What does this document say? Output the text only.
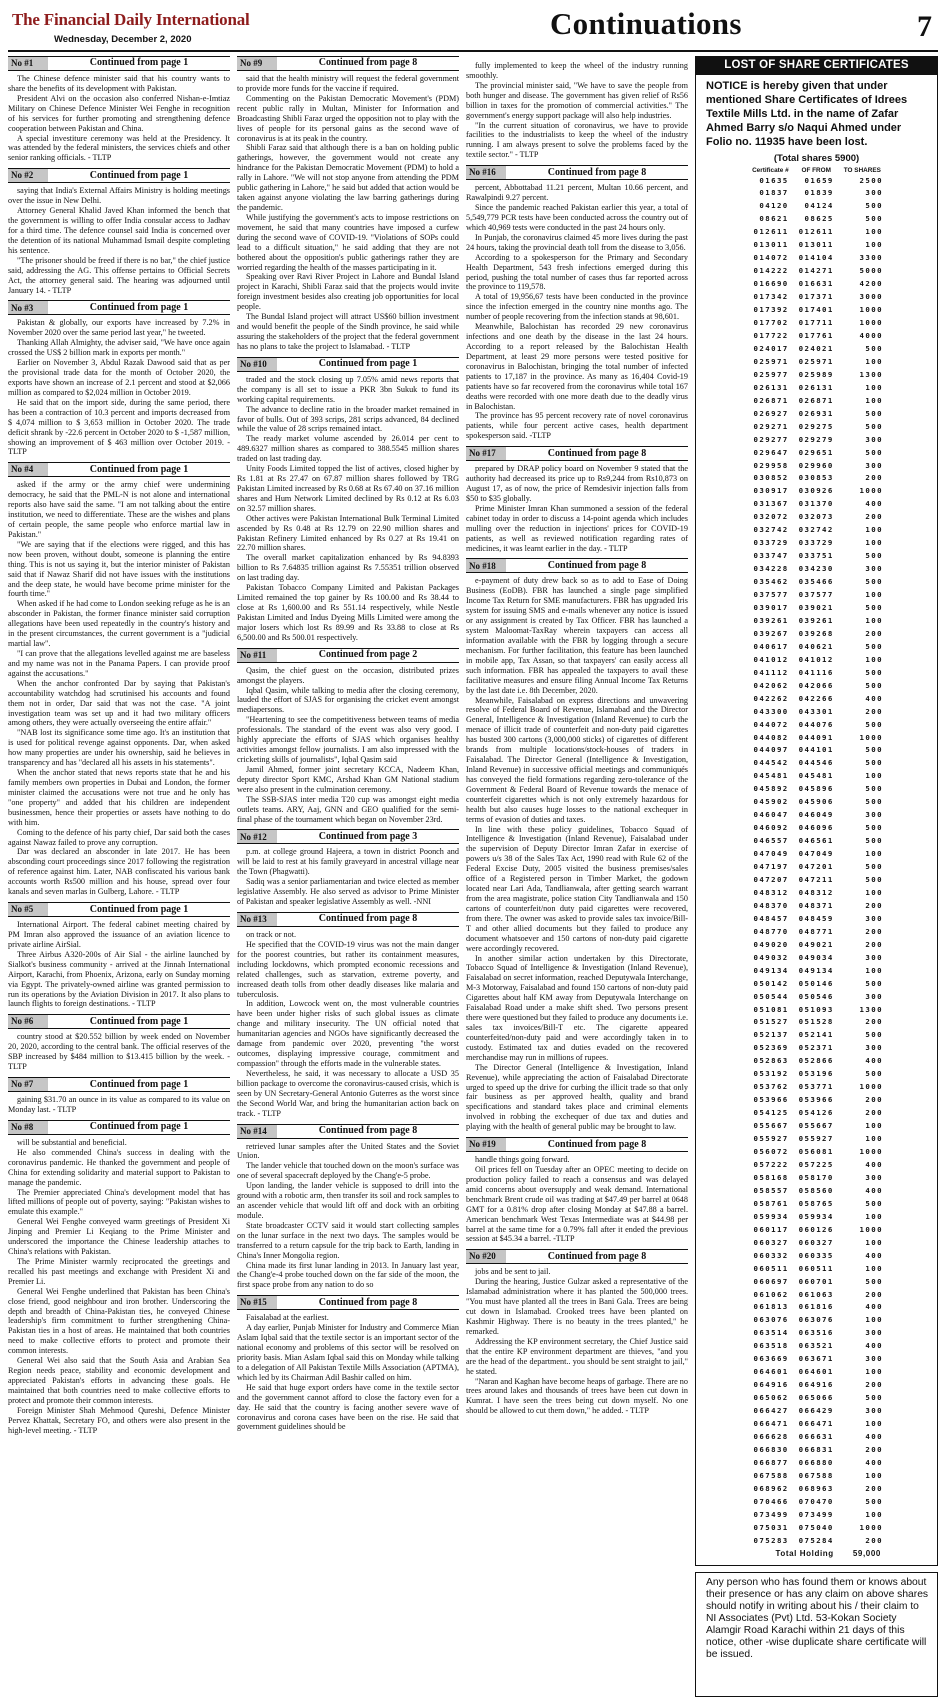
The Financial Daily International
Wednesday, December 2, 2020	Continuations	7
No #1	Continued from page 1

The Chinese defence minister said that his country wants to share the benefits of its development with Pakistan.

President Alvi on the occasion also conferred Nishan-e-Imtiaz Military on Chinese Defence Minister Wei Fenghe in recognition of his services for further promoting and strengthening defence cooperation between Pakistan and China.

A special investiture ceremony was held at the Presidency. It was attended by the federal ministers, the services chiefs and other senior ranking officials. - TLTP

No #2	Continued from page 1

saying that India's External Affairs Ministry is holding meetings over the issue in New Delhi.

Attorney General Khalid Javed Khan informed the bench that the government is willing to offer India consular access to Jadhav for a third time. The defence counsel said India is concerned over the detention of its national Muhammad Ismail despite completing his sentence.

"The prisoner should be freed if there is no bar," the chief justice said, addressing the AG. This offense pertains to Official Secrets Act, the attorney general said. The hearing was adjourned until January 14. - TLTP

No #3	Continued from page 1

Pakistan & globally, our exports have increased by 7.2% in November 2020 over the same period last year," he tweeted.

Thanking Allah Almighty, the adviser said, "We have once again crossed the US$ 2 billion mark in exports per month."

Earlier on November 3, Abdul Razak Dawood said that as per the provisional trade data for the month of October 2020, the exports have shown an increase of 2.1 percent and stood at $2,066 million as compared to $2,024 million in October 2019.

He said that on the import side, during the same period, there has been a contraction of 10.3 percent and imports decreased from $ 4,074 million to $ 3,653 million in October 2020. The trade deficit shrank by -22.6 percent in October 2020 to $ -1,587 million, showing an improvement of $ 463 million over October 2019. - TLTP

No #4	Continued from page 1

asked if the army or the army chief were undermining democracy, he said that the PML-N is not alone and international reports also have said the same. "I am not talking about the entire institution, we need to differentiate. These are the wishes and plans of certain people, the same people who enforce martial law in Pakistan."

"We are saying that if the elections were rigged, and this has now been proven, without doubt, someone is planning the entire thing. This is not us saying it, but the interior minister of Pakistan said that if Nawaz Sharif did not have issues with the institutions and the deep state, he would have become prime minister for the fourth time."

When asked if he had come to London seeking refuge as he is an absconder in Pakistan, the former finance minister said corruption allegations have been used repeatedly in the country's history and in the present circumstances, the current government is a "judicial martial law".

"I can prove that the allegations levelled against me are baseless and my name was not in the Panama Papers. I can provide proof against the accusations."

When the anchor confronted Dar by saying that Pakistan's accountability watchdog had scrutinised his accounts and found them not in order, Dar said that was not the case. "A joint investigation team was set up and it had two military officers among others, they were actually overseeing the entire affair."

"NAB lost its significance some time ago. It's an institution that is used for political revenge against opponents. Dar, when asked how many properties are under his ownership, said he believes in transparency and has "declared all his assets in his statements".

When the anchor stated that news reports state that he and his family members own properties in Dubai and London, the former minister claimed the accusations were not true and he only has "one property" and added that his children are independent businessmen, hence their properties or assets have nothing to do with him.

Coming to the defence of his party chief, Dar said both the cases against Nawaz failed to prove any corruption.

Dar was declared an absconder in late 2017. He has been absconding court proceedings since 2017 following the registration of reference against him. Later, NAB confiscated his various bank accounts worth Rs500 million and his house, spread over four kanals and seven marlas in Gulberg, Lahore. - TLTP

No #5	Continued from page 1

International Airport. The federal cabinet meeting chaired by PM Imran also approved the issuance of an aviation licence to private airline AirSial.

Three Airbus A320-200s of Air Sial - the airline launched by Sialkot's business community - arrived at the Jinnah International Airport, Karachi, from Phoenix, Arizona, early on Sunday morning via Egypt. The privately-owned airline was granted permission to run its operations by the Aviation Division in 2017. It also plans to launch flights to foreign destinations. - TLTP

No #6	Continued from page 1

country stood at $20.552 billion by week ended on November 20, 2020, according to the central bank. The official reserves of the SBP increased by $484 million to $13.415 billion by the week. - TLTP

No #7	Continued from page 1

gaining $31.70 an ounce in its value as compared to its value on Monday last. - TLTP

No #8	Continued from page 1

will be substantial and beneficial.

He also commended China's success in dealing with the coronavirus pandemic. He thanked the government and people of China for extending solidarity and material support to Pakistan to manage the pandemic.

The Premier appreciated China's development model that has lifted millions of people out of poverty, saying: "Pakistan wishes to emulate this example."

General Wei Fenghe conveyed warm greetings of President Xi Jinping and Premier Li Keqiang to the Prime Minister and underscored the importance the Chinese leadership attaches to China's relations with Pakistan.

The Prime Minister warmly reciprocated the greetings and recalled his past meetings and exchange with President Xi and Premier Li.

General Wei Fenghe underlined that Pakistan has been China's close friend, good neighbour and iron brother. Underscoring the depth and breadth of China-Pakistan ties, he conveyed Chinese leadership's firm commitment to further strengthening China-Pakistan ties in a host of areas. He maintained that both countries need to make collective efforts to protect and promote their common interests.

General Wei also said that the South Asia and Arabian Sea Region needs peace, stability and economic development and appreciated Pakistan's efforts in advancing these goals. He maintained that both countries need to make collective efforts to protect and promote their common interests.

Foreign Minister Shah Mehmood Qureshi, Defence Minister Pervez Khattak, Secretary FO, and others were also present in the high-level meeting. - TLTP

No #9	Continued from page 8

said that the health ministry will request the federal government to provide more funds for the vaccine if required.

Commenting on the Pakistan Democratic Movement's (PDM) recent public rally in Multan, Minister for Information and Broadcasting Shibli Faraz urged the opposition not to play with the lives of people for its personal gains as the second wave of coronavirus is at its peak in the country.

Shibli Faraz said that although there is a ban on holding public gatherings, however, the government would not create any hindrance for the Pakistan Democratic Movement (PDM) to hold a rally in Lahore. "We will not stop anyone from attending the PDM public gathering in Lahore," he said but added that action would be taken against anyone violating the law barring gatherings during the pandemic.

While justifying the government's acts to impose restrictions on movement, he said that many countries have imposed a curfew during the second wave of COVID-19. "Violations of SOPs could lead to a difficult situation," he said adding that they are not bothered about the opposition's public gatherings rather they are worried regarding the health of the masses participating in it.

Speaking over Ravi River Project in Lahore and Bundal Island project in Karachi, Shibli Faraz said that the projects would invite foreign investment besides also creating job opportunities for local people.

The Bundal Island project will attract US$60 billion investment and would benefit the people of the Sindh province, he said while assuring the stakeholders of the project that the federal government has no plans to take the project to Islamabad. - TLTP

No #10	Continued from page 1

traded and the stock closing up 7.05% amid news reports that the company is all set to issue a PKR 3bn Sukuk to fund its working capital requirements.

The advance to decline ratio in the broader market remained in favor of bulls. Out of 393 scrips, 281 scrips advanced, 84 declined while the value of 28 scrips remained intact.

The ready market volume ascended by 26.014 per cent to 489.6327 million shares as compared to 388.5545 million shares traded on last trading day.

Unity Foods Limited topped the list of actives, closed higher by Rs 1.81 at Rs 27.47 on 67.87 million shares followed by TRG Pakistan Limited increased by Rs 0.68 at Rs 67.40 on 37.16 million shares and Hum Network Limited declined by Rs 0.12 at Rs 6.03 on 32.57 million shares.

Other actives were Pakistan International Bulk Terminal Limited ascended by Rs 0.48 at Rs 12.79 on 22.90 million shares and Pakistan Refinery Limited enhanced by Rs 0.27 at Rs 19.41 on 22.70 million shares.

The overall market capitalization enhanced by Rs 94.8393 billion to Rs 7.64835 trillion against Rs 7.55351 trillion observed on last trading day.

Pakistan Tobacco Company Limited and Pakistan Packages Limited remained the top gainer by Rs 100.00 and Rs 38.44 to close at Rs 1,600.00 and Rs 551.14 respectively, while Nestle Pakistan Limited and Indus Dyeing Mills Limited were among the major losers which lost Rs 89.99 and Rs 33.88 to close at Rs 6,500.00 and Rs 500.01 respectively.

No #11	Continued from page 2

Qasim, the chief guest on the occasion, distributed prizes amongst the players.

Iqbal Qasim, while talking to media after the closing ceremony, lauded the effort of SJAS for organising the cricket event amongst mediapersons.

"Heartening to see the competitiveness between teams of media professionals. The standard of the event was also very good. I highly appreciate the efforts of SJAS which organises healthy activities amongst fellow journalists. I am also impressed with the cricketing skills of journalists", Iqbal Qasim said

Jamil Ahmed, former joint secretary KCCA, Nadeem Khan, deputy director Sport KMC, Arshad Khan GM National stadium were also present in the culmination ceremony.

The SSB-SJAS inter media T20 cup was amongst eight media outlets teams. ARY, Aaj, GNN and GEO qualified for the semi-final phase of the tournament which began on November 23rd.

No #12	Continued from page 3

p.m. at college ground Hajeera, a town in district Poonch and will be laid to rest at his family graveyard in ancestral village near the Town (Phagwatti).

Sadiq was a senior parliamentarian and twice elected as member legislative Assembly. He also served as advisor to Prime Minister of Pakistan and speaker legislative Assembly as well. -NNI

No #13	Continued from page 8

on track or not.

He specified that the COVID-19 virus was not the main danger for the poorest countries, but rather its containment measures, including lockdowns, which prompted economic recessions and related challenges, such as starvation, extreme poverty, and increased death tolls from other deadly diseases like malaria and tuberculosis.

In addition, Lowcock went on, the most vulnerable countries have been under higher risks of such global issues as climate change and military insecurity. The UN official noted that humanitarian agencies and NGOs have significantly decreased the damage from pandemic over 2020, preventing "the worst outcomes, displaying impressive courage, commitment and compassion" through the efforts made in the vulnerable states.

Nevertheless, he said, it was necessary to allocate a USD 35 billion package to overcome the coronavirus-caused crisis, which is seen by UN Secretary-General Antonio Guterres as the worst since the Second World War, and bring the humanitarian action back on track. - TLTP

No #14	Continued from page 8

retrieved lunar samples after the United States and the Soviet Union.

The lander vehicle that touched down on the moon's surface was one of several spacecraft deployed by the Chang'e-5 probe.

Upon landing, the lander vehicle is supposed to drill into the ground with a robotic arm, then transfer its soil and rock samples to an ascender vehicle that would lift off and dock with an orbiting module.

State broadcaster CCTV said it would start collecting samples on the lunar surface in the next two days. The samples would be transferred to a return capsule for the trip back to Earth, landing in China's Inner Mongolia region.

China made its first lunar landing in 2013. In January last year, the Chang'e-4 probe touched down on the far side of the moon, the first space probe from any nation to do so

No #15	Continued from page 8

Faisalabad at the earliest.

A day earlier, Punjab Minister for Industry and Commerce Mian Aslam Iqbal said that the textile sector is an important sector of the national economy and problems of this sector will be resolved on priority basis. Mian Aslam Iqbal said this on Monday while talking to a delegation of All Pakistan Textile Mills Association (APTMA), which led by its Chairman Adil Bashir called on him.

He said that huge export orders have come in the textile sector and the government cannot afford to close the factory even for a day. He said that the country is facing another severe wave of coronavirus and corona cases have been on the rise. He said that government guidelines should be

fully implemented to keep the wheel of the industry running smoothly.

The provincial minister said, "We have to save the people from both hunger and disease. The government has given relief of Rs56 billion in taxes for the promotion of commercial activities." The government's energy support package will also help industries.

"In the current situation of coronavirus, we have to provide facilities to the industrialists to keep the wheel of the industry running. I am always present to solve the problems faced by the textile sector." - TLTP

No #16	Continued from page 8

percent, Abbottabad 11.21 percent, Multan 10.66 percent, and Rawalpindi 9.27 percent.

Since the pandemic reached Pakistan earlier this year, a total of 5,549,779 PCR tests have been conducted across the country out of which 40,969 tests were conducted in the past 24 hours only.

In Punjab, the coronavirus claimed 45 more lives during the past 24 hours, taking the provincial death toll from the disease to 3,056.

According to a spokesperson for the Primary and Secondary Health Department, 543 fresh infections emerged during this period, pushing the total number of cases thus far reported across the province to 119,578.

A total of 19,956,67 tests have been conducted in the province since the infection emerged in the country nine months ago. The number of people recovering from the infection stands at 98,601.

Meanwhile, Balochistan has recorded 29 new coronavirus infections and one death by the disease in the last 24 hours. According to a report released by the Balochistan Health Department, at least 29 more persons were tested positive for coronavirus in Balochistan, bringing the total number of infected patients to 17,187 in the province. As many as 16,404 Covid-19 patients have so far recovered from the coronavirus while total 167 deaths were recorded with one more death due to the deadly virus in Balochistan.

The province has 95 percent recovery rate of novel coronavirus patients, while four percent active cases, health department spokesperson said. -TLTP

No #17	Continued from page 8

prepared by DRAP policy board on November 9 stated that the authority had decreased its price up to Rs9,244 from Rs10,873 on August 17, as of now, the price of Remdesivir injection falls from $50 to $35 globally.

Prime Minister Imran Khan summoned a session of the federal cabinet today in order to discuss a 14-point agenda which includes mulling over the reduction in injections' prices for COVID-19 patients, as well as reviewed notification regarding rates of medicines, it was learnt earlier in the day. - TLTP

No #18	Continued from page 8

e-payment of duty drew back so as to add to Ease of Doing Business (EoDB). FBR has launched a single page simplified Income Tax Return for SME manufacturers. FBR has upgraded Iris system for issuing SMS and e-mails whenever any notice is issued or any assignment is created by Tax Officer. FBR has launched a system Maloomat-TaxRay wherein taxpayers can access all information available with the FBR by logging through a secure mechanism. For further facilitation, this feature has been launched in mobile app, Tax Assan, so that taxpayers' can easily access all such information. FBR has appealed the taxpayers to avail these facilitative measures and ensure filing Annual Income Tax Returns by the last date i.e. 8th December, 2020.

Meanwhile, Faisalabad on express directions and unwavering resolve of Federal Board of Revenue, Islamabad and the Director General, Intelligence & Investigation (Inland Revenue) to curb the menace of illicit trade of counterfeit and non-duty paid cigarettes has busted 300 cartons (3,000,000 sticks) of cigarettes of different brands from multiple locations/stock-houses of traders in Faisalabad. The Director General (Intelligence & Investigation, Inland Revenue) in successive official meetings and communiqués has conveyed the field formations regarding zero-tolerance of the Government & Federal Board of Revenue towards the menace of counterfeit cigarettes which is not only extremely hazardous for health but also causes huge losses to the national exchequer in terms of evasion of duties and taxes.

In line with these policy guidelines, Tobacco Squad of Intelligence & Investigation (Inland Revenue), Faisalabad under the supervision of Deputy Director Imran Zafar in exercise of powers u/s 38 of the Sales Tax Act, 1990 read with Rule 62 of the Federal Excise Duty, 2005 visited the business premises/sales office of a Registered person in Timber Market, the godown located near Lari Ada, Tandlianwala, after getting search warrant from the area magistrate, police station City Tandlianwala and 150 cartons of counterfeit/non duty paid cigarettes were recovered, from there. The owner was asked to provide sales tax invoice/Bill-T and other allied documents but they failed to produce any document whatsoever and 150 cartons of non-duty paid cigarette were accordingly recovered.

In another similar action undertaken by this Directorate, Tobacco Squad of Intelligence & Investigation (Inland Revenue), Faisalabad on secret information, reached Deputywala Interchange, M-3 Motorway, Faisalabad and found 150 cartons of non-duty paid Cigarettes about half KM away from Deputywala Interchange on Faisalabad Road under a make shift shed. Two persons present there were questioned but they failed to produce any documents i.e. sales tax invoices/Bill-T etc. The cigarette appeared counterfeited/non-duty paid and were accordingly taken in to custody. Estimated tax and duties evaded on the recovered merchandise may run in millions of rupees.

The Director General (Intelligence & Investigation, Inland Revenue), while appreciating the action of Faisalabad Directorate urged to speed up the drive for curbing the illicit trade so that only fair business as per approved health, quality and brand specifications and standard takes place and criminal elements involved in robbing the exchequer of due tax and duties and playing with the health of general public may be brought to law.

No #19	Continued from page 8

handle things going forward.

Oil prices fell on Tuesday after an OPEC meeting to decide on production policy failed to reach a consensus and was delayed amid concerns about oversupply and weak demand. International benchmark Brent crude oil was trading at $47.49 per barrel at 0648 GMT for a 0.81% drop after closing Monday at $47.88 a barrel. American benchmark West Texas Intermediate was at $44.98 per barrel at the same time for a 0.79% fall after it ended the previous session at $45.34 a barrel. -TLTP

No #20	Continued from page 8

jobs and be sent to jail.

During the hearing, Justice Gulzar asked a representative of the Islamabad administration where it has planted the 500,000 trees. "You must have planted all the trees in Bani Gala. Trees are being cut down in Islamabad. Crooked trees have been planted on Kashmir Highway. There is no beauty in the trees planted," he remarked.

Addressing the KP environment secretary, the Chief Justice said that the entire KP environment department are thieves, "and you are the head of the department.. you should be sent straight to jail," he stated.

"Naran and Kaghan have become heaps of garbage. There are no trees around lakes and thousands of trees have been cut down in Kumrat. I have seen the trees being cut down myself. No one should be allowed to cut them down," he added. - TLTP

LOST OF SHARE CERTIFICATES
NOTICE is hereby given that under mentioned Share Certificates of Idrees Textile Mills Ltd. in the name of Zafar Ahmed Barry s/o Naqui Ahmed under Folio no. 11935 have been lost.
(Total shares 5900)
Certificate #	OF FROM	TO SHARES
01635	01659	2500
01837	01839	300
04120	04124	500
08621	08625	500
012611	012611	100
013011	013011	100
014072	014104	3300
014222	014271	5000
016690	016631	4200
017342	017371	3000
017392	017401	1000
017702	017711	1000
017722	017761	4000
024017	024021	500
025971	025971	100
025977	025989	1300
026131	026131	100
026871	026871	100
026927	026931	500
029271	029275	500
029277	029279	300
029647	029651	500
029958	029960	300
030852	030853	200
030917	030926	1000
031367	031370	400
032072	032073	200
032742	032742	100
033729	033729	100
033747	033751	500
034228	034230	300
035462	035466	500
037577	037577	100
039017	039021	500
039261	039261	100
039267	039268	200
040617	040621	500
041012	041012	100
041112	041116	500
042062	042066	500
042262	042266	400
043300	043301	200
044072	044076	500
044082	044091	1000
044097	044101	500
044542	044546	500
045481	045481	100
045892	045896	500
045902	045906	500
046047	046049	300
046092	046096	500
046557	046561	500
047049	047049	100
047197	047201	500
047207	047211	500
048312	048312	100
048370	048371	200
048457	048459	300
048770	048771	200
049020	049021	200
049032	049034	300
049134	049134	100
050142	050146	500
050544	050546	300
051081	051093	1300
051527	051528	200
052137	052141	500
052369	052371	300
052863	052866	400
053192	053196	500
053762	053771	1000
053966	053966	200
054125	054126	200
055667	055667	100
055927	055927	100
056072	056081	1000
057222	057225	400
058168	058170	300
058557	058560	400
058761	058765	500
059934	059934	100
060117	060126	1000
060327	060327	100
060332	060335	400
060511	060511	100
060697	060701	500
061062	061063	200
061813	061816	400
063076	063076	100
063514	063516	300
063518	063521	400
063669	063671	300
064601	064601	100
064916	064916	200
065062	065066	500
066427	066429	300
066471	066471	100
066628	066631	400
066830	066831	200
066877	066880	400
067588	067588	100
068962	068963	200
070466	070470	500
073499	073499	100
075031	075040	1000
075283	075284	200
Total Holding		59,000
Any person who has found them or knows about their presence or has any claim on above shares should notify in writing about his / their claim to NI Associates (Pvt) Ltd. 53-Kokan Society Alamgir Road Karachi within 21 days of this notice, other -wise duplicate share certificate will be issued.
